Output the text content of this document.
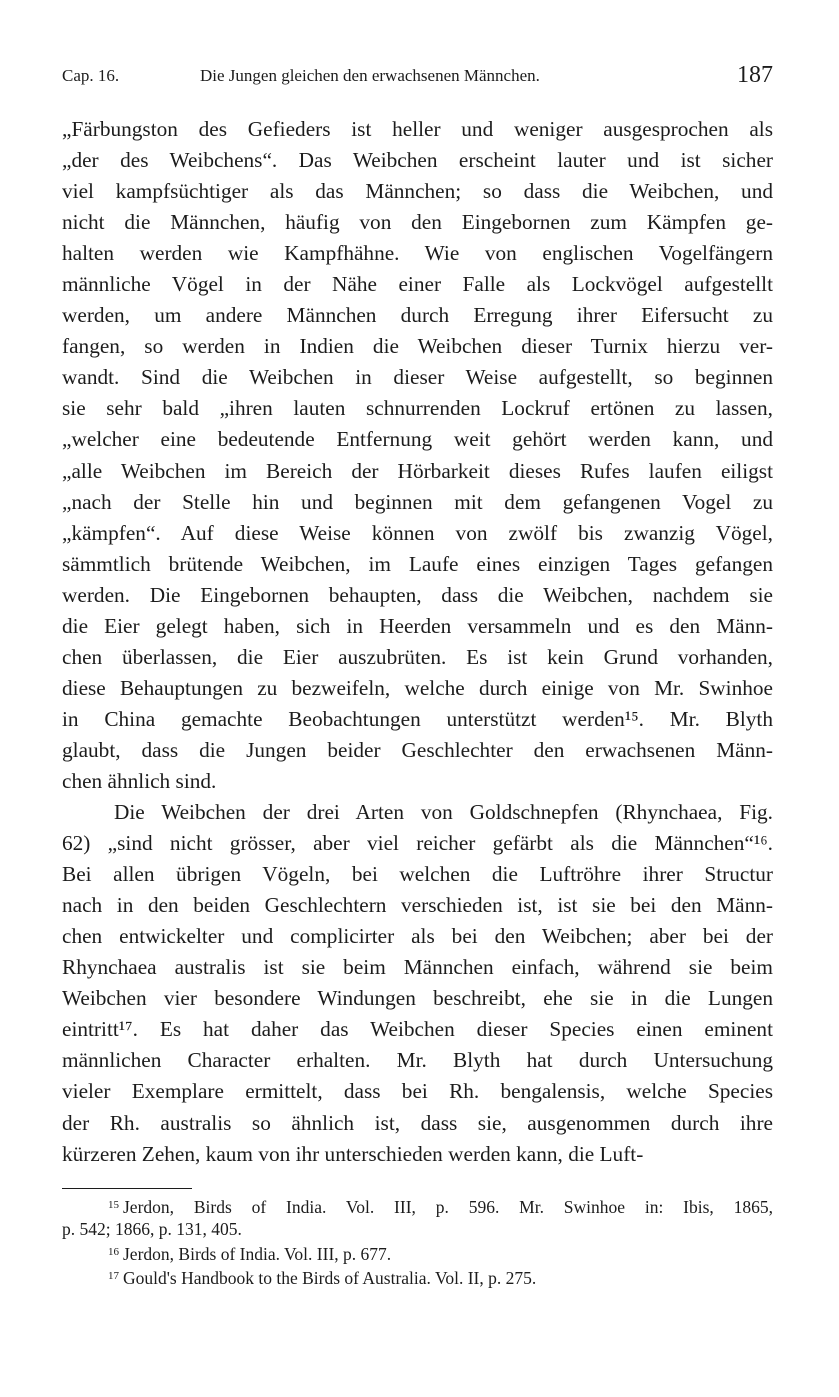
Cap. 16.	Die Jungen gleichen den erwachsenen Männchen.	187
„Färbungston des Gefieders ist heller und weniger ausgesprochen als
„der des Weibchens“. Das Weibchen erscheint lauter und ist sicher
viel kampfsüchtiger als das Männchen; so dass die Weibchen, und
nicht die Männchen, häufig von den Eingebornen zum Kämpfen ge-
halten werden wie Kampfhähne. Wie von englischen Vogelfängern
männliche Vögel in der Nähe einer Falle als Lockvögel aufgestellt
werden, um andere Männchen durch Erregung ihrer Eifersucht zu
fangen, so werden in Indien die Weibchen dieser Turnix hierzu ver-
wandt. Sind die Weibchen in dieser Weise aufgestellt, so beginnen
sie sehr bald „ihren lauten schnurrenden Lockruf ertönen zu lassen,
„welcher eine bedeutende Entfernung weit gehört werden kann, und
„alle Weibchen im Bereich der Hörbarkeit dieses Rufes laufen eiligst
„nach der Stelle hin und beginnen mit dem gefangenen Vogel zu
„kämpfen“. Auf diese Weise können von zwölf bis zwanzig Vögel,
sämmtlich brütende Weibchen, im Laufe eines einzigen Tages gefangen
werden. Die Eingebornen behaupten, dass die Weibchen, nachdem sie
die Eier gelegt haben, sich in Heerden versammeln und es den Männ-
chen überlassen, die Eier auszubrüten. Es ist kein Grund vorhanden,
diese Behauptungen zu bezweifeln, welche durch einige von Mr. Swinhoe
in China gemachte Beobachtungen unterstützt werden¹⁵. Mr. Blyth
glaubt, dass die Jungen beider Geschlechter den erwachsenen Männ-
chen ähnlich sind.
Die Weibchen der drei Arten von Goldschnepfen (Rhynchaea, Fig.
62) „sind nicht grösser, aber viel reicher gefärbt als die Männchen“¹⁶.
Bei allen übrigen Vögeln, bei welchen die Luftröhre ihrer Structur
nach in den beiden Geschlechtern verschieden ist, ist sie bei den Männ-
chen entwickelter und complicirter als bei den Weibchen; aber bei der
Rhynchaea australis ist sie beim Männchen einfach, während sie beim
Weibchen vier besondere Windungen beschreibt, ehe sie in die Lungen
eintritt¹⁷. Es hat daher das Weibchen dieser Species einen eminent
männlichen Character erhalten. Mr. Blyth hat durch Untersuchung
vieler Exemplare ermittelt, dass bei Rh. bengalensis, welche Species
der Rh. australis so ähnlich ist, dass sie, ausgenommen durch ihre
kürzeren Zehen, kaum von ihr unterschieden werden kann, die Luft-
$^{15}$ Jerdon, Birds of India. Vol. III, p. 596. Mr. Swinhoe in: Ibis, 1865,
p. 542; 1866, p. 131, 405.
$^{16}$ Jerdon, Birds of India. Vol. III, p. 677.
$^{17}$ Gould's Handbook to the Birds of Australia. Vol. II, p. 275.
